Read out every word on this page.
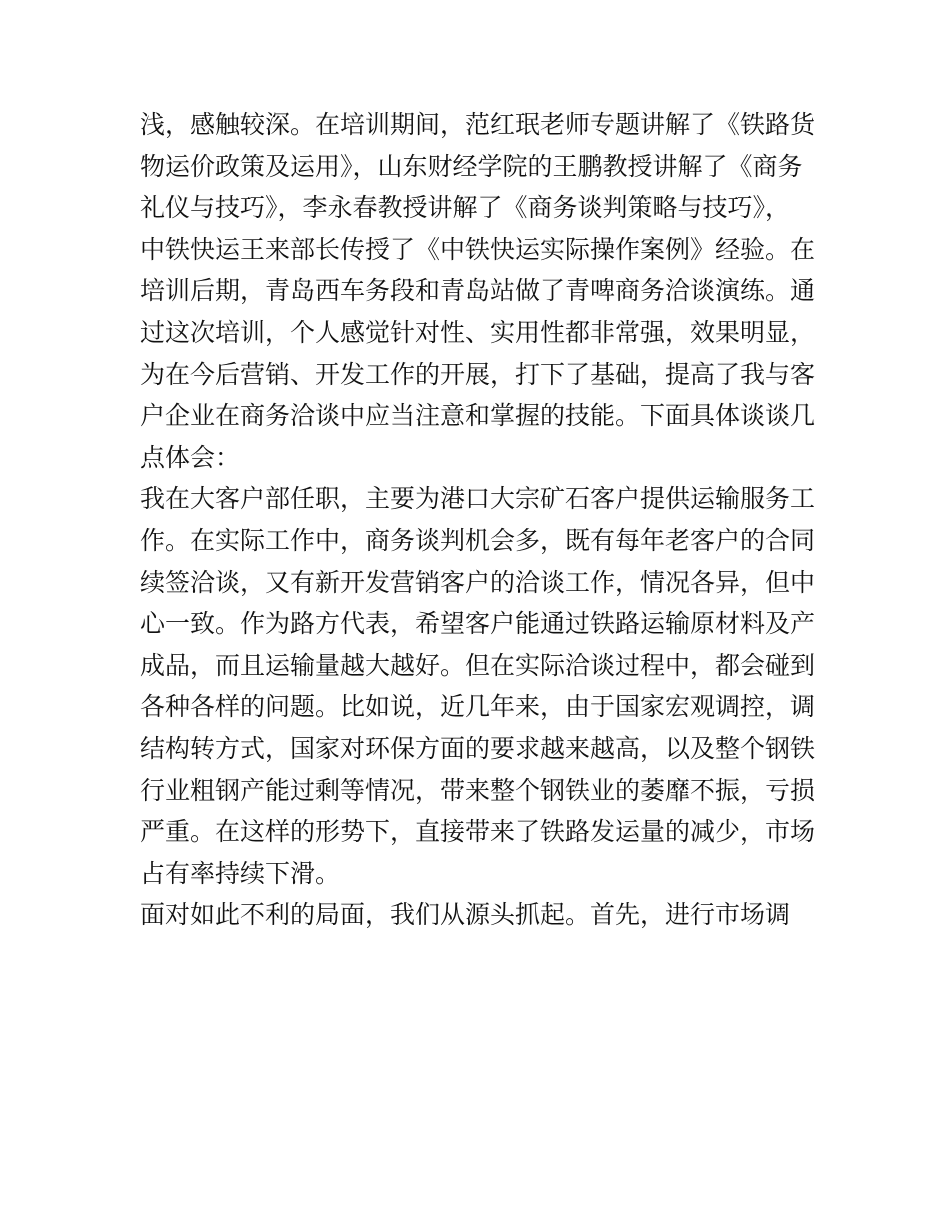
浅，感触较深。在培训期间，范红珉老师专题讲解了《铁路货
物运价政策及运用》，山东财经学院的王鹏教授讲解了《商务
礼仪与技巧》，李永春教授讲解了《商务谈判策略与技巧》，
中铁快运王来部长传授了《中铁快运实际操作案例》经验。在
培训后期，青岛西车务段和青岛站做了青啤商务洽谈演练。通
过这次培训，个人感觉针对性、实用性都非常强，效果明显，
为在今后营销、开发工作的开展，打下了基础，提高了我与客
户企业在商务洽谈中应当注意和掌握的技能。下面具体谈谈几
点体会：
我在大客户部任职，主要为港口大宗矿石客户提供运输服务工
作。在实际工作中，商务谈判机会多，既有每年老客户的合同
续签洽谈，又有新开发营销客户的洽谈工作，情况各异，但中
心一致。作为路方代表，希望客户能通过铁路运输原材料及产
成品，而且运输量越大越好。但在实际洽谈过程中，都会碰到
各种各样的问题。比如说，近几年来，由于国家宏观调控，调
结构转方式，国家对环保方面的要求越来越高，以及整个钢铁
行业粗钢产能过剩等情况，带来整个钢铁业的萎靡不振，亏损
严重。在这样的形势下，直接带来了铁路发运量的减少，市场
占有率持续下滑。
面对如此不利的局面，我们从源头抓起。首先，进行市场调
